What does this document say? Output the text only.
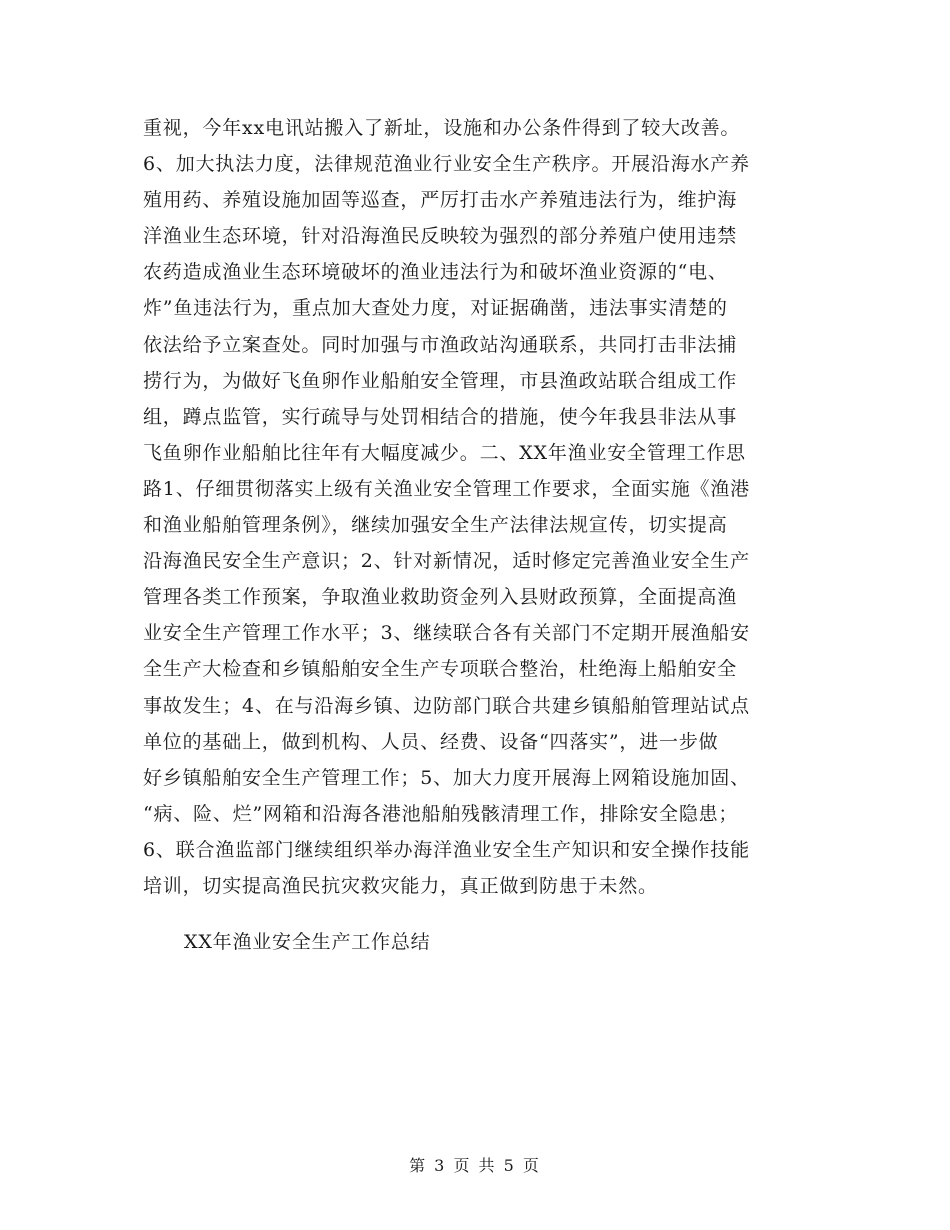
重视，今年xx电讯站搬入了新址，设施和办公条件得到了较大改善。
6、加大执法力度，法律规范渔业行业安全生产秩序。开展沿海水产养
殖用药、养殖设施加固等巡查，严厉打击水产养殖违法行为，维护海
洋渔业生态环境，针对沿海渔民反映较为强烈的部分养殖户使用违禁
农药造成渔业生态环境破坏的渔业违法行为和破坏渔业资源的“电、
炸”鱼违法行为，重点加大查处力度，对证据确凿，违法事实清楚的
依法给予立案查处。同时加强与市渔政站沟通联系，共同打击非法捕
捞行为，为做好飞鱼卵作业船舶安全管理，市县渔政站联合组成工作
组，蹲点监管，实行疏导与处罚相结合的措施，使今年我县非法从事
飞鱼卵作业船舶比往年有大幅度减少。二、XX年渔业安全管理工作思
路1、仔细贯彻落实上级有关渔业安全管理工作要求，全面实施《渔港
和渔业船舶管理条例》，继续加强安全生产法律法规宣传，切实提高
沿海渔民安全生产意识；2、针对新情况，适时修定完善渔业安全生产
管理各类工作预案，争取渔业救助资金列入县财政预算，全面提高渔
业安全生产管理工作水平；3、继续联合各有关部门不定期开展渔船安
全生产大检查和乡镇船舶安全生产专项联合整治，杜绝海上船舶安全
事故发生；4、在与沿海乡镇、边防部门联合共建乡镇船舶管理站试点
单位的基础上，做到机构、人员、经费、设备“四落实”，进一步做
好乡镇船舶安全生产管理工作；5、加大力度开展海上网箱设施加固、
“病、险、烂”网箱和沿海各港池船舶残骸清理工作，排除安全隐患；
6、联合渔监部门继续组织举办海洋渔业安全生产知识和安全操作技能
培训，切实提高渔民抗灾救灾能力，真正做到防患于未然。
XX年渔业安全生产工作总结
第 3 页 共 5 页
